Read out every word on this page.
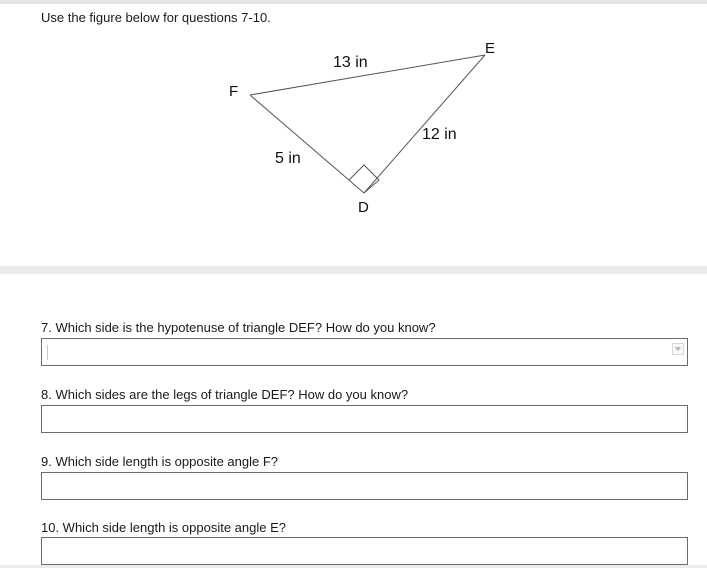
Use the figure below for questions 7-10.
F
E
D
13 in
12 in
5 in
7. Which side is the hypotenuse of triangle DEF? How do you know?
8. Which sides are the legs of triangle DEF? How do you know?
9. Which side length is opposite angle F?
10. Which side length is opposite angle E?
